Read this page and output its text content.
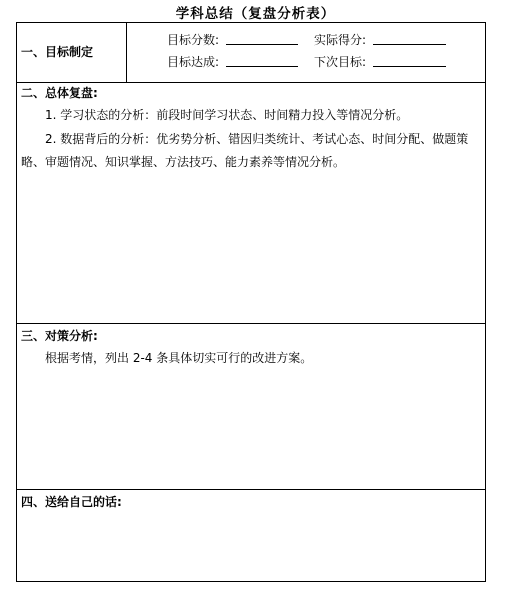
学科总结（复盘分析表）
一、目标制定
目标分数:	实际得分:
目标达成:	下次目标:
二、总体复盘:
1. 学习状态的分析：前段时间学习状态、时间精力投入等情况分析。
2. 数据背后的分析：优劣势分析、错因归类统计、考试心态、时间分配、做题策
略、审题情况、知识掌握、方法技巧、能力素养等情况分析。
三、对策分析:
根据考情，列出 2-4 条具体切实可行的改进方案。
四、送给自己的话:
